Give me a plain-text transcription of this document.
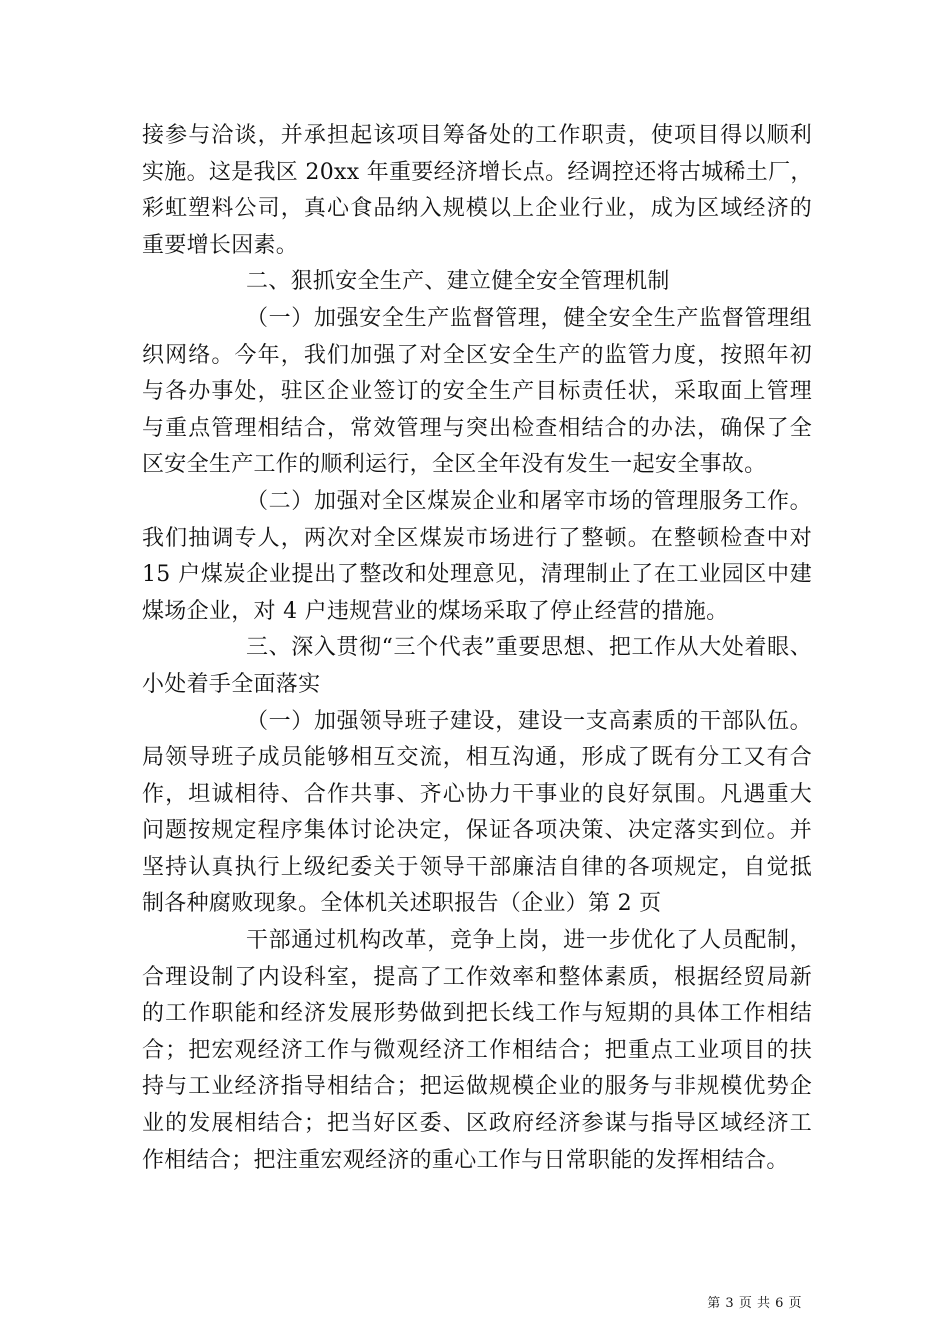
接参与洽谈，并承担起该项目筹备处的工作职责，使项目得以顺利
实施。这是我区 20xx 年重要经济增长点。经调控还将古城稀土厂，
彩虹塑料公司，真心食品纳入规模以上企业行业，成为区域经济的
重要增长因素。

二、狠抓安全生产、建立健全安全管理机制

（一）加强安全生产监督管理，健全安全生产监督管理组
织网络。今年，我们加强了对全区安全生产的监管力度，按照年初
与各办事处，驻区企业签订的安全生产目标责任状，采取面上管理
与重点管理相结合，常效管理与突出检查相结合的办法，确保了全
区安全生产工作的顺利运行，全区全年没有发生一起安全事故。

（二）加强对全区煤炭企业和屠宰市场的管理服务工作。
我们抽调专人，两次对全区煤炭市场进行了整顿。在整顿检查中对
15 户煤炭企业提出了整改和处理意见，清理制止了在工业园区中建
煤场企业，对 4 户违规营业的煤场采取了停止经营的措施。

三、深入贯彻“三个代表”重要思想、把工作从大处着眼、
小处着手全面落实

（一）加强领导班子建设，建设一支高素质的干部队伍。
局领导班子成员能够相互交流，相互沟通，形成了既有分工又有合
作，坦诚相待、合作共事、齐心协力干事业的良好氛围。凡遇重大
问题按规定程序集体讨论决定，保证各项决策、决定落实到位。并
坚持认真执行上级纪委关于领导干部廉洁自律的各项规定，自觉抵
制各种腐败现象。全体机关述职报告（企业）第 2 页

干部通过机构改革，竞争上岗，进一步优化了人员配制，
合理设制了内设科室，提高了工作效率和整体素质，根据经贸局新
的工作职能和经济发展形势做到把长线工作与短期的具体工作相结
合；把宏观经济工作与微观经济工作相结合；把重点工业项目的扶
持与工业经济指导相结合；把运做规模企业的服务与非规模优势企
业的发展相结合；把当好区委、区政府经济参谋与指导区域经济工
作相结合；把注重宏观经济的重心工作与日常职能的发挥相结合。

第 3 页 共 6 页
